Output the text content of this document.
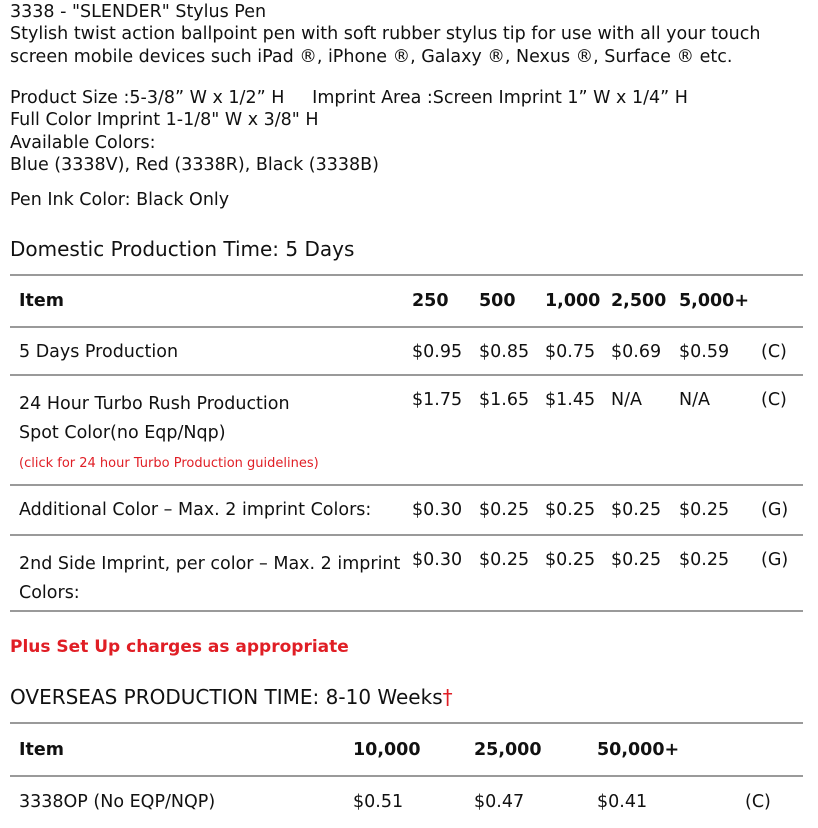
3338 - "SLENDER" Stylus Pen
Stylish twist action ballpoint pen with soft rubber stylus tip for use with all your touch screen mobile devices such iPad ®, iPhone ®, Galaxy ®, Nexus ®, Surface ® etc.
Product Size :5-3/8” W x 1/2” H     Imprint Area :Screen Imprint 1” W x 1/4” H
Full Color Imprint 1-1/8" W x 3/8" H
Available Colors:
Blue (3338V), Red (3338R), Black (3338B)
Pen Ink Color: Black Only
Domestic Production Time: 5 Days
Item	250	500	1,000	2,500	5,000+	
5 Days Production	$0.95	$0.85	$0.75	$0.69	$0.59	(C)

24 Hour Turbo Rush Production Spot Color(no Eqp/Nqp)
(click for 24 hour Turbo Production guidelines)	$1.75	$1.65	$1.45	N/A	N/A	(C)
Additional Color – Max. 2 imprint Colors:	$0.30	$0.25	$0.25	$0.25	$0.25	(G)

2nd Side Imprint, per color – Max. 2 imprint Colors:	$0.30	$0.25	$0.25	$0.25	$0.25	(G)
Plus Set Up charges as appropriate
OVERSEAS PRODUCTION TIME: 8-10 Weeks†
Item	10,000	25,000	50,000+	
3338OP (No EQP/NQP)	$0.51	$0.47	$0.41	(C)
